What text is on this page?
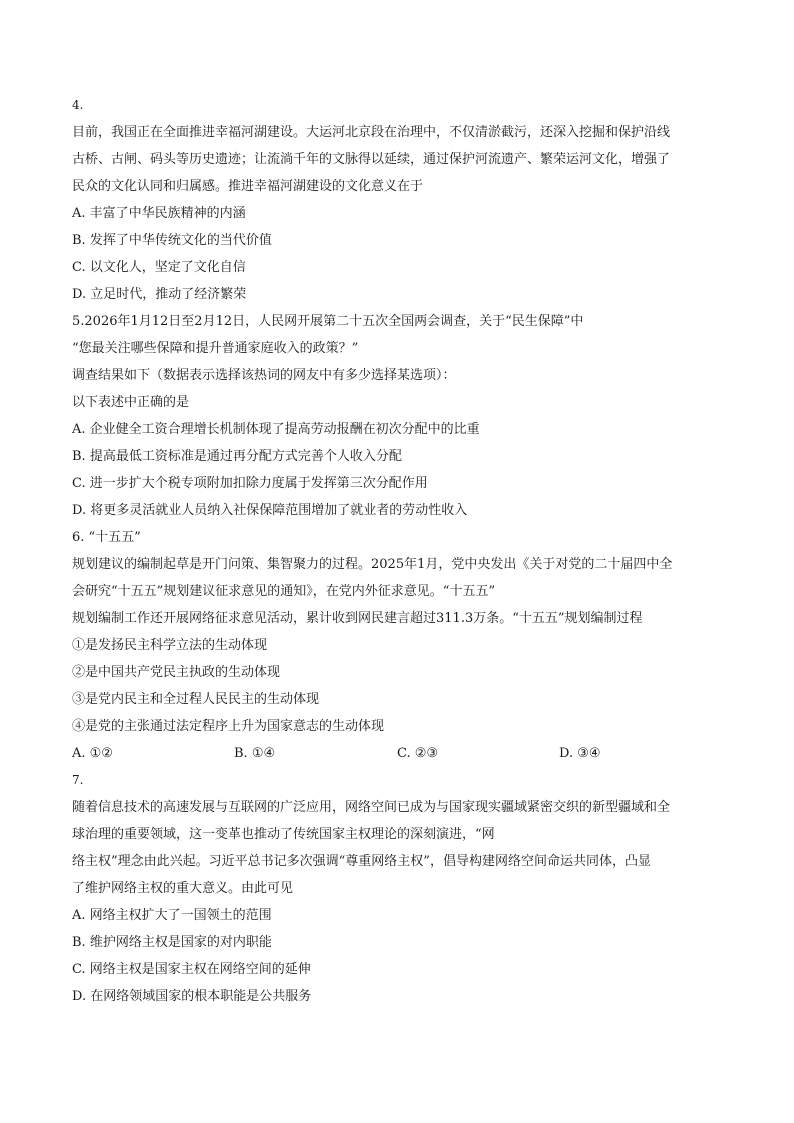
4.
目前，我国正在全面推进幸福河湖建设。大运河北京段在治理中，不仅清淤截污，还深入挖掘和保护沿线
古桥、古闸、码头等历史遗迹；让流淌千年的文脉得以延续，通过保护河流遗产、繁荣运河文化，增强了
民众的文化认同和归属感。推进幸福河湖建设的文化意义在于
A. 丰富了中华民族精神的内涵
B. 发挥了中华传统文化的当代价值
C. 以文化人，坚定了文化自信
D. 立足时代，推动了经济繁荣
5.2026年1月12日至2月12日，人民网开展第二十五次全国两会调查，关于“民生保障”中
“您最关注哪些保障和提升普通家庭收入的政策？”
调查结果如下（数据表示选择该热词的网友中有多少选择某选项）：
以下表述中正确的是
A. 企业健全工资合理增长机制体现了提高劳动报酬在初次分配中的比重
B. 提高最低工资标准是通过再分配方式完善个人收入分配
C. 进一步扩大个税专项附加扣除力度属于发挥第三次分配作用
D. 将更多灵活就业人员纳入社保保障范围增加了就业者的劳动性收入
6. “十五五”
规划建议的编制起草是开门问策、集智聚力的过程。2025年1月，党中央发出《关于对党的二十届四中全
会研究“十五五”规划建议征求意见的通知》，在党内外征求意见。“十五五”
规划编制工作还开展网络征求意见活动，累计收到网民建言超过311.3万条。“十五五”规划编制过程
①是发扬民主科学立法的生动体现
②是中国共产党民主执政的生动体现
③是党内民主和全过程人民民主的生动体现
④是党的主张通过法定程序上升为国家意志的生动体现
A. ①②	B. ①④	C. ②③	D. ③④
7.
随着信息技术的高速发展与互联网的广泛应用，网络空间已成为与国家现实疆域紧密交织的新型疆域和全
球治理的重要领域，这一变革也推动了传统国家主权理论的深刻演进，“网
络主权”理念由此兴起。习近平总书记多次强调“尊重网络主权”，倡导构建网络空间命运共同体，凸显
了维护网络主权的重大意义。由此可见
A. 网络主权扩大了一国领土的范围
B. 维护网络主权是国家的对内职能
C. 网络主权是国家主权在网络空间的延伸
D. 在网络领域国家的根本职能是公共服务
